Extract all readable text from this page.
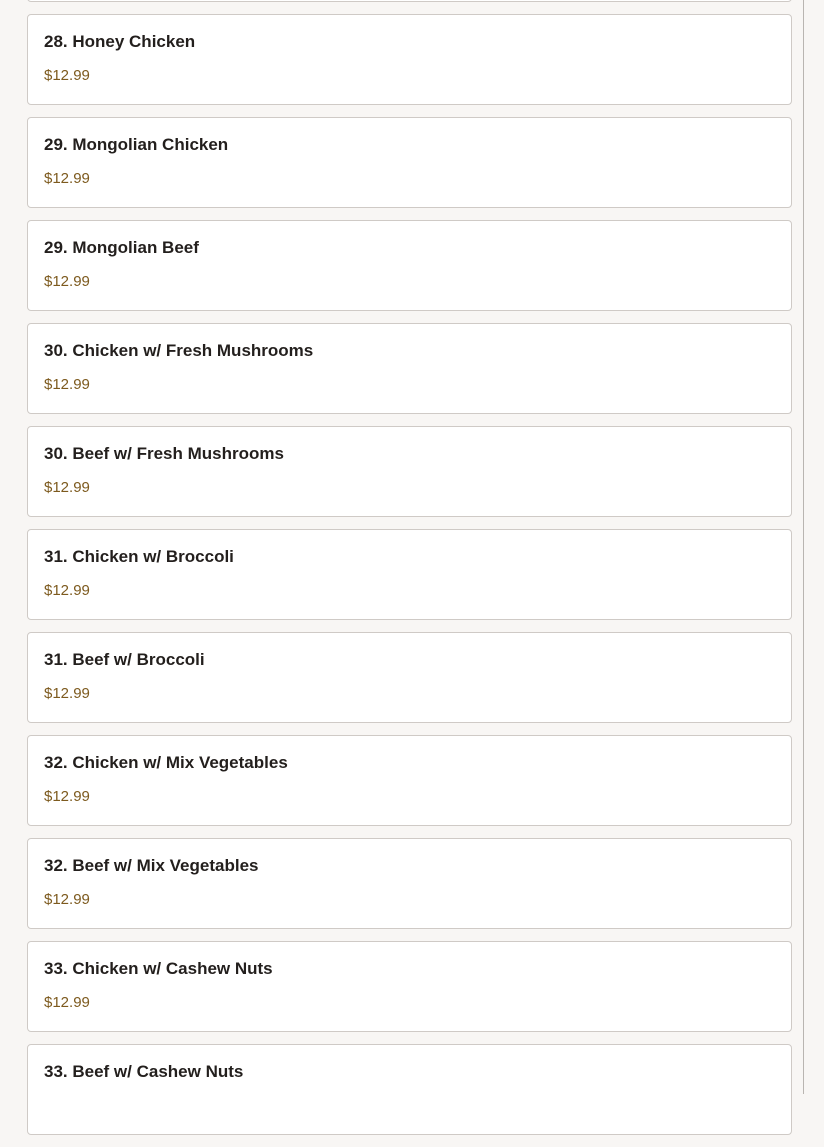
28. Honey Chicken
$12.99
29. Mongolian Chicken
$12.99
29. Mongolian Beef
$12.99
30. Chicken w/ Fresh Mushrooms
$12.99
30. Beef w/ Fresh Mushrooms
$12.99
31. Chicken w/ Broccoli
$12.99
31. Beef w/ Broccoli
$12.99
32. Chicken w/ Mix Vegetables
$12.99
32. Beef w/ Mix Vegetables
$12.99
33. Chicken w/ Cashew Nuts
$12.99
33. Beef w/ Cashew Nuts
